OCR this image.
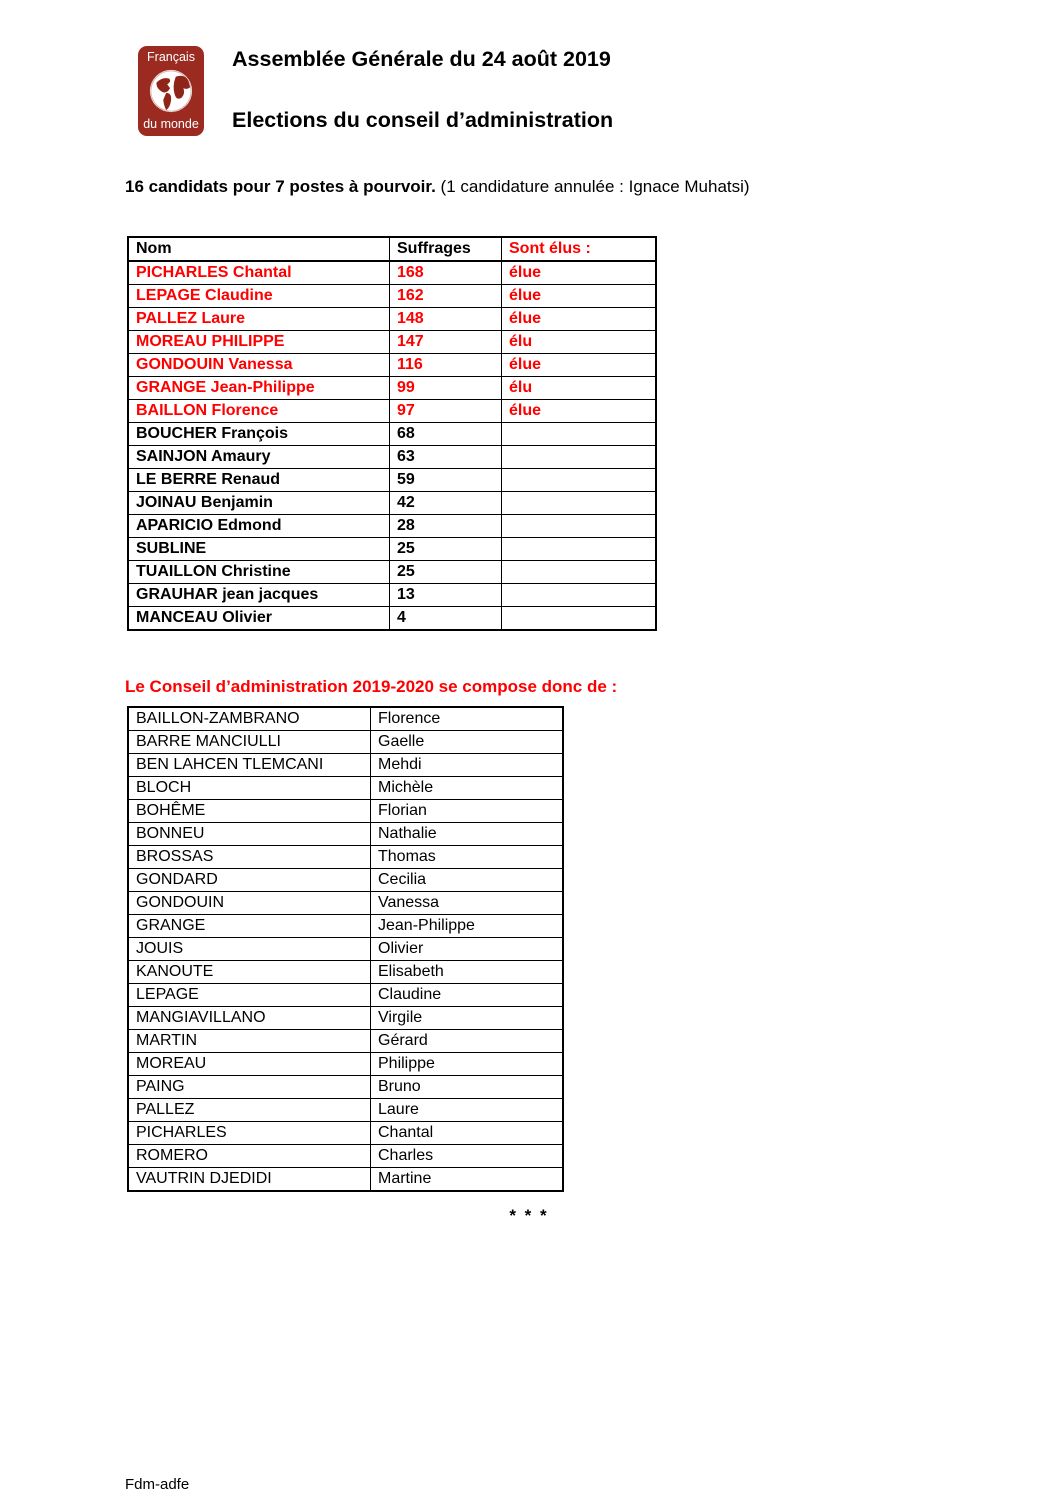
Français
du monde
Assemblée Générale du 24 août 2019
Elections du conseil d’administration

16 candidats pour 7 postes à pourvoir. (1 candidature annulée : Ignace Muhatsi)

Nom	Suffrages	Sont élus :
PICHARLES Chantal	168	élue
LEPAGE Claudine	162	élue
PALLEZ Laure	148	élue
MOREAU PHILIPPE	147	élu
GONDOUIN Vanessa	116	élue
GRANGE Jean-Philippe	99	élu
BAILLON Florence	97	élue
BOUCHER François	68	
SAINJON Amaury	63	
LE BERRE Renaud	59	
JOINAU Benjamin	42	
APARICIO Edmond	28	
SUBLINE	25	
TUAILLON Christine	25	
GRAUHAR jean jacques	13	
MANCEAU Olivier	4	

Le Conseil d’administration 2019-2020 se compose donc de :

BAILLON-ZAMBRANO	Florence
BARRE MANCIULLI	Gaelle
BEN LAHCEN TLEMCANI	Mehdi
BLOCH	Michèle
BOHÊME	Florian
BONNEU	Nathalie
BROSSAS	Thomas
GONDARD	Cecilia
GONDOUIN	Vanessa
GRANGE	Jean-Philippe
JOUIS	Olivier
KANOUTE	Elisabeth
LEPAGE	Claudine
MANGIAVILLANO	Virgile
MARTIN	Gérard
MOREAU	Philippe
PAING	Bruno
PALLEZ	Laure
PICHARLES	Chantal
ROMERO	Charles
VAUTRIN DJEDIDI	Martine
* * *
Fdm-adfe
